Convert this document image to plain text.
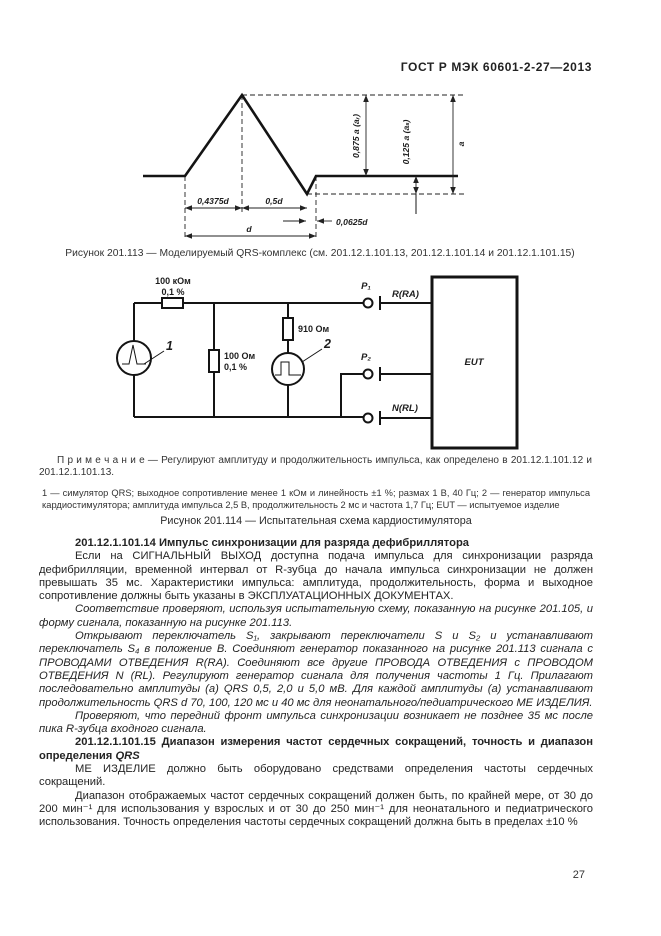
ГОСТ Р МЭК 60601-2-27—2013
0,4375d	0,5d
0,0625d
d
0,875 a (aᵣ)	0,125 a (aₛ)	a
Рисунок 201.113 — Моделируемый QRS-комплекс (см. 201.12.1.101.13, 201.12.1.101.14 и 201.12.1.101.15)
EUT
1	2
100 кОм
0,1 %
100 Ом
0,1 %
910 Ом
P₁
P₂
R(RA)
N(RL)
П р и м е ч а н и е — Регулируют амплитуду и продолжительность импульса, как определено в 201.12.1.101.12 и 201.12.1.101.13.
1 — симулятор QRS; выходное сопротивление менее 1 кОм и линейность ±1 %; размах 1 В, 40 Гц; 2 — генератор импульса кардиостимулятора; амплитуда импульса 2,5 В, продолжительность 2 мс и частота 1,7 Гц; EUT — испытуемое изделие
Рисунок 201.114 — Испытательная схема кардиостимулятора

201.12.1.101.14 Импульс синхронизации для разряда дефибриллятора

Если на СИГНАЛЬНЫЙ ВЫХОД доступна подача импульса для синхронизации разряда дефибрилляции, временной интервал от R-зубца до начала импульса синхронизации не должен превышать 35 мс. Характеристики импульса: амплитуда, продолжительность, форма и выходное сопротивление должны быть указаны в ЭКСПЛУАТАЦИОННЫХ ДОКУМЕНТАХ.

Соответствие проверяют, используя испытательную схему, показанную на рисунке 201.105, и форму сигнала, показанную на рисунке 201.113.

Открывают переключатель S₁, закрывают переключатели S и S₂ и устанавливают переключатель S₄ в положение В. Соединяют генератор показанного на рисунке 201.113 сигнала с ПРОВОДАМИ ОТВЕДЕНИЯ R(RA). Соединяют все другие ПРОВОДА ОТВЕДЕНИЯ с ПРОВОДОМ ОТВЕДЕНИЯ N (RL). Регулируют генератор сигнала для получения частоты 1 Гц. Прилагают последовательно амплитуды (а) QRS 0,5, 2,0 и 5,0 мВ. Для каждой амплитуды (а) устанавливают продолжительность QRS d 70, 100, 120 мс и 40 мс для неонатального/педиатрического МЕ ИЗДЕЛИЯ.

Проверяют, что передний фронт импульса синхронизации возникает не позднее 35 мс после пика R-зубца входного сигнала.

201.12.1.101.15 Диапазон измерения частот сердечных сокращений, точность и диапазон определения QRS

МЕ ИЗДЕЛИЕ должно быть оборудовано средствами определения частоты сердечных сокращений.

Диапазон отображаемых частот сердечных сокращений должен быть, по крайней мере, от 30 до 200 мин⁻¹ для использования у взрослых и от 30 до 250 мин⁻¹ для неонатального и педиатрического использования. Точность определения частоты сердечных сокращений должна быть в пределах ±10 %

27
